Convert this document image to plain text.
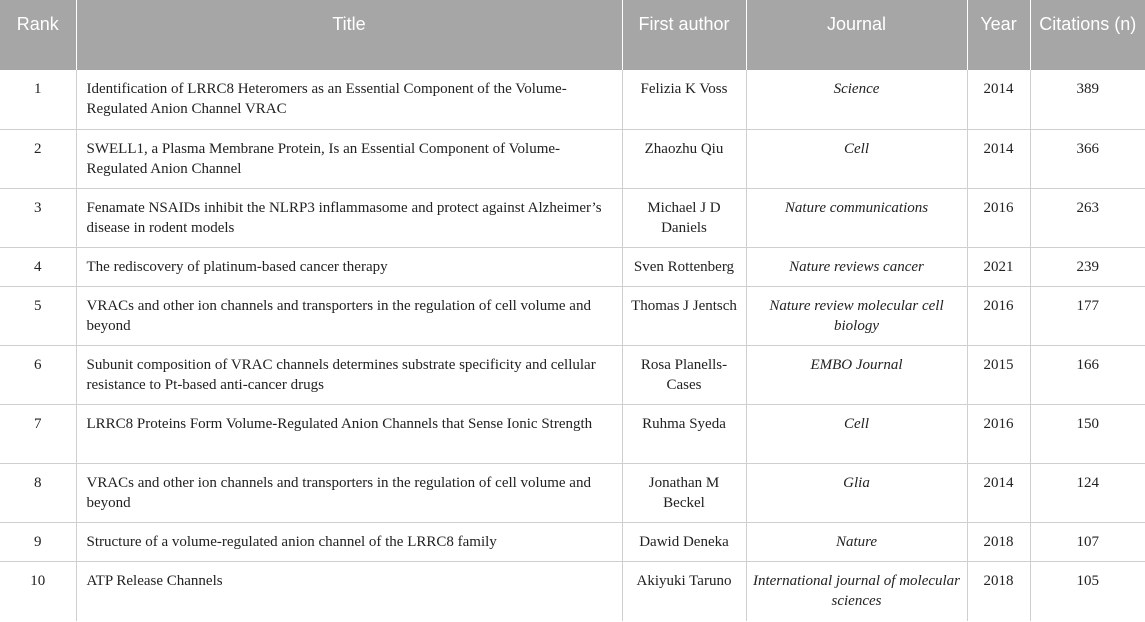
Rank	Title	First author	Journal	Year	Citations (n)
1	Identification of LRRC8 Heteromers as an Essential Component of the Volume-Regulated Anion Channel VRAC	Felizia K Voss	Science	2014	389
2	SWELL1, a Plasma Membrane Protein, Is an Essential Component of Volume-Regulated Anion Channel	Zhaozhu Qiu	Cell	2014	366
3	Fenamate NSAIDs inhibit the NLRP3 inflammasome and protect against Alzheimer’s disease in rodent models	Michael J D Daniels	Nature communications	2016	263
4	The rediscovery of platinum-based cancer therapy	Sven Rottenberg	Nature reviews cancer	2021	239
5	VRACs and other ion channels and transporters in the regulation of cell volume and beyond	Thomas J Jentsch	Nature review molecular cell biology	2016	177
6	Subunit composition of VRAC channels determines substrate specificity and cellular resistance to Pt-based anti-cancer drugs	Rosa Planells-Cases	EMBO Journal	2015	166
7	LRRC8 Proteins Form Volume-Regulated Anion Channels that Sense Ionic Strength	Ruhma Syeda	Cell	2016	150
8	VRACs and other ion channels and transporters in the regulation of cell volume and beyond	Jonathan M Beckel	Glia	2014	124
9	Structure of a volume-regulated anion channel of the LRRC8 family	Dawid Deneka	Nature	2018	107
10	ATP Release Channels	Akiyuki Taruno	International journal of molecular sciences	2018	105
